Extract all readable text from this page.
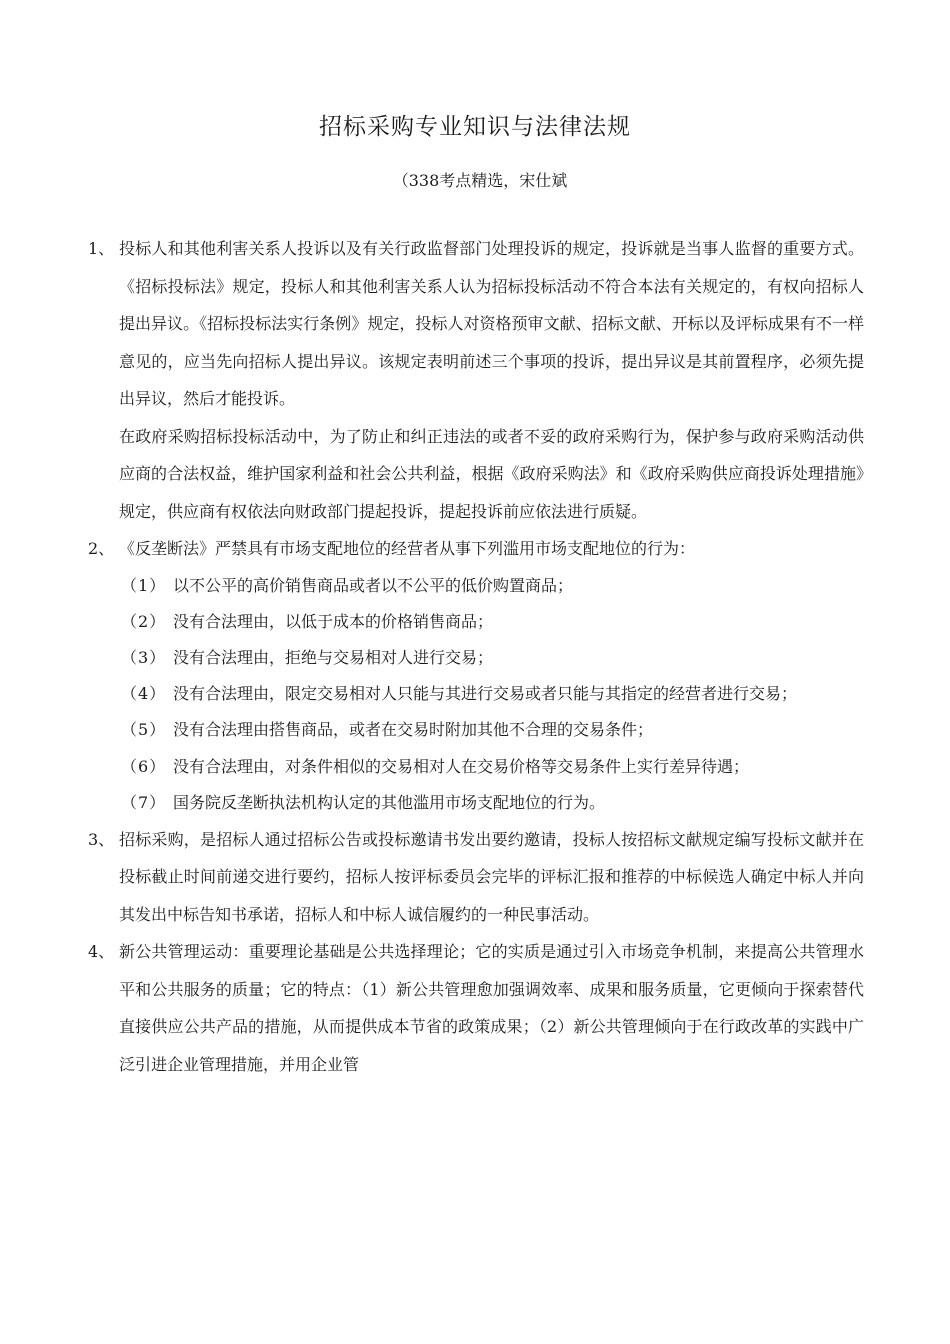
招标采购专业知识与法律法规
（338考点精选，宋仕斌
1、 投标人和其他利害关系人投诉以及有关行政监督部门处理投诉的规定，投诉就是当事人监督的重要方式。《招标投标法》规定，投标人和其他利害关系人认为招标投标活动不符合本法有关规定的，有权向招标人提出异议。《招标投标法实行条例》规定，投标人对资格预审文献、招标文献、开标以及评标成果有不一样意见的，应当先向招标人提出异议。该规定表明前述三个事项的投诉，提出异议是其前置程序，必须先提出异议，然后才能投诉。

在政府采购招标投标活动中，为了防止和纠正违法的或者不妥的政府采购行为，保护参与政府采购活动供应商的合法权益，维护国家利益和社会公共利益，根据《政府采购法》和《政府采购供应商投诉处理措施》规定，供应商有权依法向财政部门提起投诉，提起投诉前应依法进行质疑。

2、 《反垄断法》严禁具有市场支配地位的经营者从事下列滥用市场支配地位的行为：

（1） 以不公平的高价销售商品或者以不公平的低价购置商品；

（2） 没有合法理由，以低于成本的价格销售商品；

（3） 没有合法理由，拒绝与交易相对人进行交易；

（4） 没有合法理由，限定交易相对人只能与其进行交易或者只能与其指定的经营者进行交易；

（5） 没有合法理由搭售商品，或者在交易时附加其他不合理的交易条件；

（6） 没有合法理由，对条件相似的交易相对人在交易价格等交易条件上实行差异待遇；

（7） 国务院反垄断执法机构认定的其他滥用市场支配地位的行为。

3、 招标采购，是招标人通过招标公告或投标邀请书发出要约邀请，投标人按招标文献规定编写投标文献并在投标截止时间前递交进行要约，招标人按评标委员会完毕的评标汇报和推荐的中标候选人确定中标人并向其发出中标告知书承诺，招标人和中标人诚信履约的一种民事活动。

4、 新公共管理运动：重要理论基础是公共选择理论；它的实质是通过引入市场竞争机制，来提高公共管理水平和公共服务的质量；它的特点：（1）新公共管理愈加强调效率、成果和服务质量，它更倾向于探索替代直接供应公共产品的措施，从而提供成本节省的政策成果；（2）新公共管理倾向于在行政改革的实践中广泛引进企业管理措施，并用企业管
